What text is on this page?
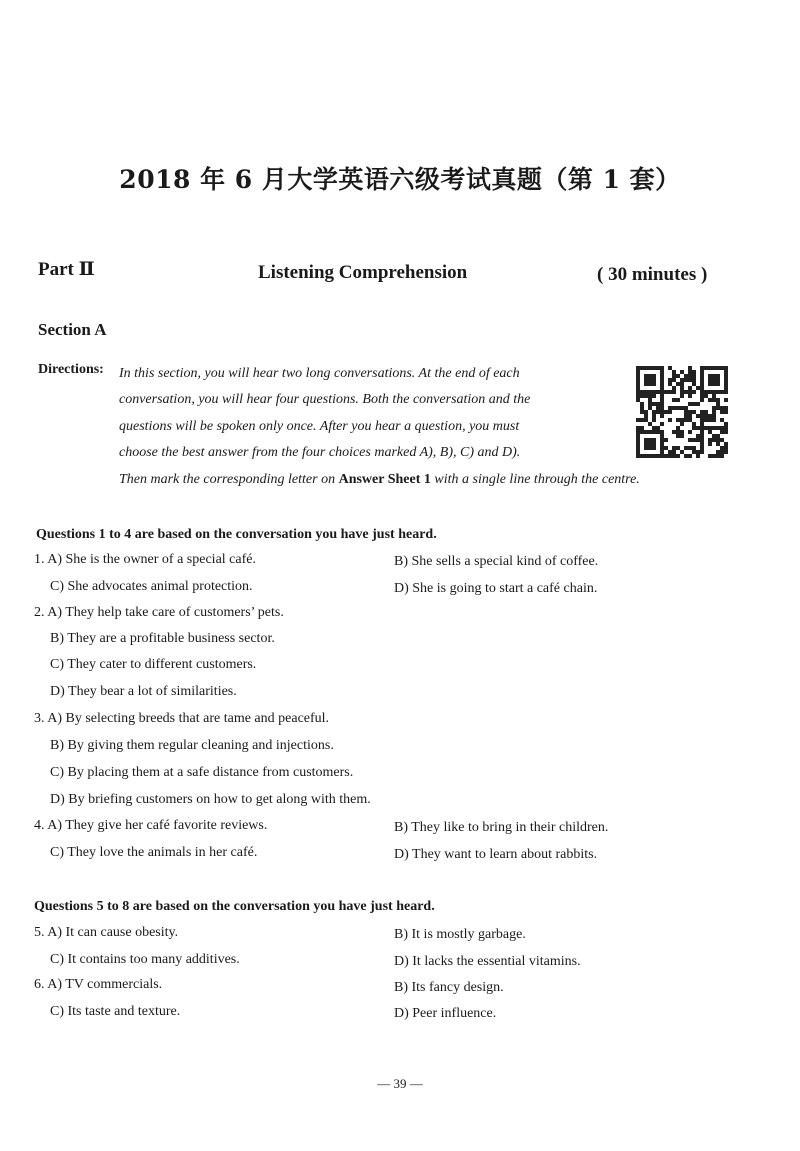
2018 年 6 月大学英语六级考试真题（第 1 套）
Part Ⅱ	Listening Comprehension	( 30 minutes )
Section A
Directions: In this section, you will hear two long conversations. At the end of each
conversation, you will hear four questions. Both the conversation and the
questions will be spoken only once. After you hear a question, you must
choose the best answer from the four choices marked A), B), C) and D).
Then mark the corresponding letter on Answer Sheet 1 with a single line through the centre.
Questions 1 to 4 are based on the conversation you have just heard.
1. A) She is the owner of a special café.	B) She sells a special kind of coffee.
C) She advocates animal protection.	D) She is going to start a café chain.
2. A) They help take care of customers’ pets.
B) They are a profitable business sector.
C) They cater to different customers.
D) They bear a lot of similarities.
3. A) By selecting breeds that are tame and peaceful.
B) By giving them regular cleaning and injections.
C) By placing them at a safe distance from customers.
D) By briefing customers on how to get along with them.
4. A) They give her café favorite reviews.	B) They like to bring in their children.
C) They love the animals in her café.	D) They want to learn about rabbits.
Questions 5 to 8 are based on the conversation you have just heard.
5. A) It can cause obesity.	B) It is mostly garbage.
C) It contains too many additives.	D) It lacks the essential vitamins.
6. A) TV commercials.	B) Its fancy design.
C) Its taste and texture.	D) Peer influence.
— 39 —
